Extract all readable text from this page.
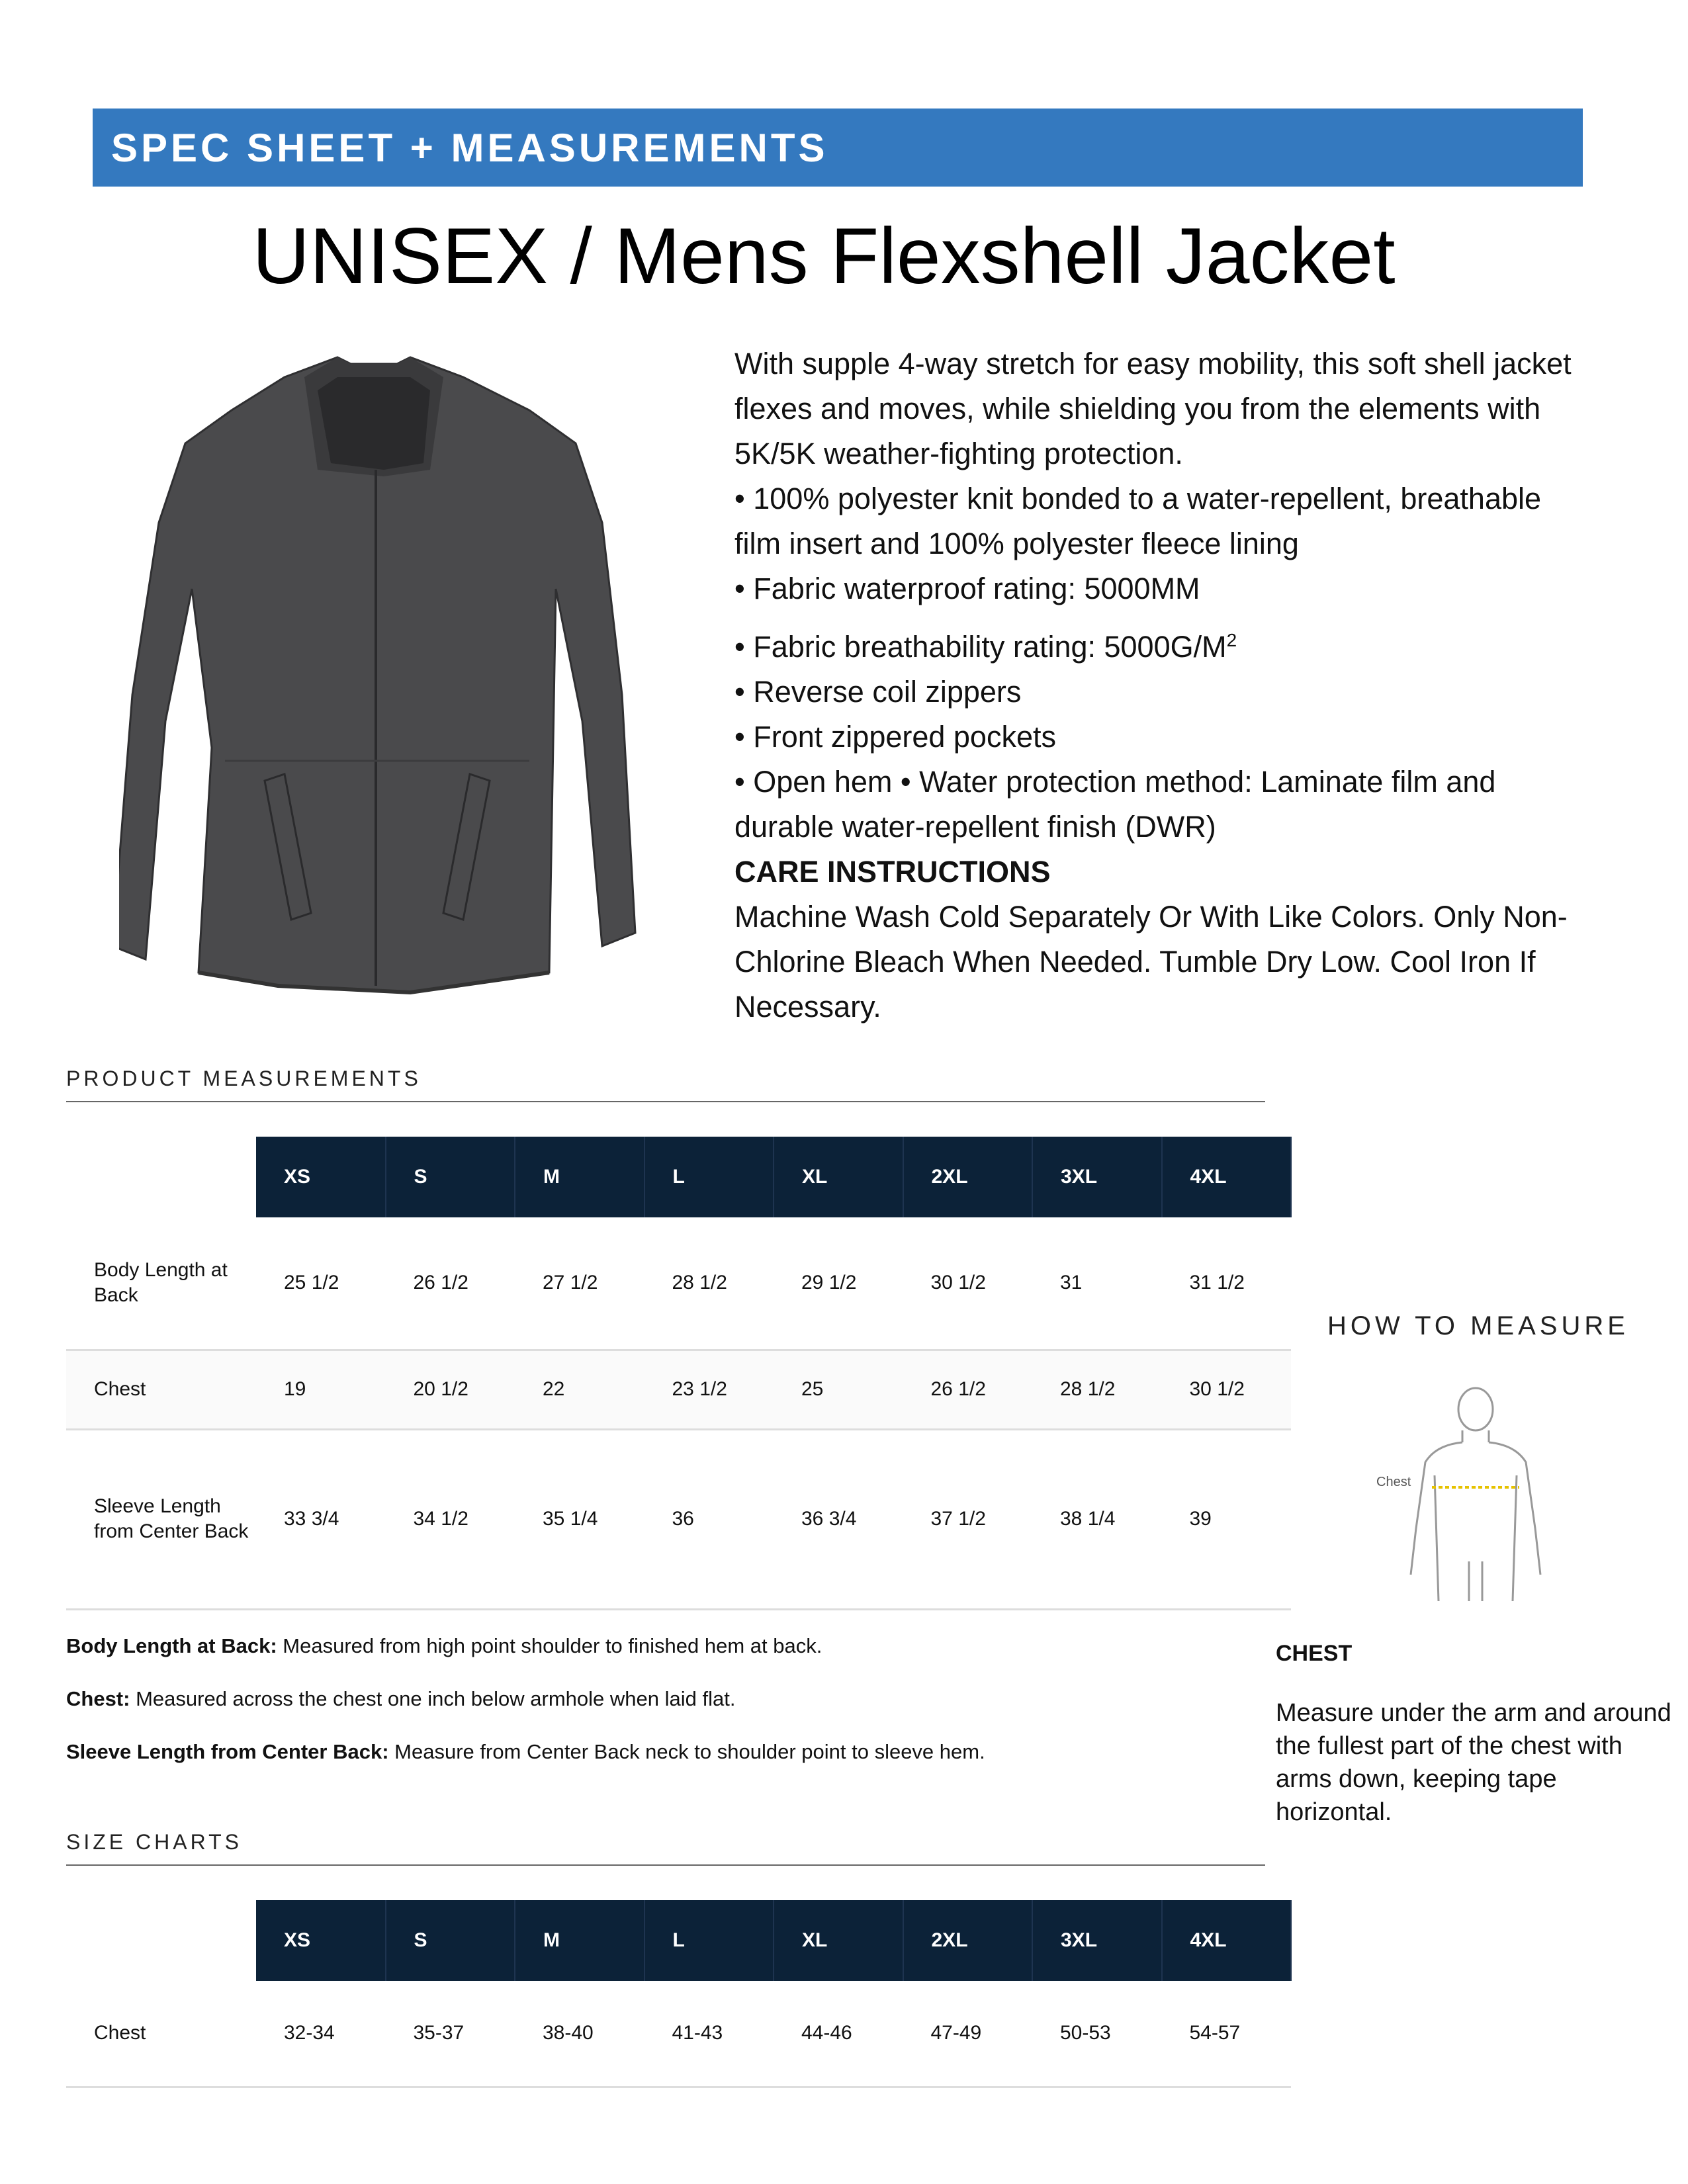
SPEC SHEET + MEASUREMENTS
UNISEX / Mens Flexshell Jacket

With supple 4-way stretch for easy mobility, this soft shell jacket flexes and moves, while shielding you from the elements with 5K/5K weather-fighting protection.

• 100% polyester knit bonded to a water-repellent, breathable film insert and 100% polyester fleece lining

• Fabric waterproof rating: 5000MM

• Fabric breathability rating: $5000G/M^2$

• Reverse coil zippers

• Front zippered pockets

• Open hem • Water protection method: Laminate film and durable water-repellent finish (DWR)

CARE INSTRUCTIONS

Machine Wash Cold Separately Or With Like Colors. Only Non-Chlorine Bleach When Needed. Tumble Dry Low. Cool Iron If Necessary.

PRODUCT MEASUREMENTS
	XS	S	M	L	XL	2XL	3XL	4XL
Body Length at Back	25 1/2	26 1/2	27 1/2	28 1/2	29 1/2	30 1/2	31	31 1/2
Chest	19	20 1/2	22	23 1/2	25	26 1/2	28 1/2	30 1/2
Sleeve Length from Center Back	33 3/4	34 1/2	35 1/4	36	36 3/4	37 1/2	38 1/4	39

Body Length at Back: Measured from high point shoulder to finished hem at back.

Chest: Measured across the chest one inch below armhole when laid flat.

Sleeve Length from Center Back: Measure from Center Back neck to shoulder point to sleeve hem.

SIZE CHARTS
	XS	S	M	L	XL	2XL	3XL	4XL
Chest	32-34	35-37	38-40	41-43	44-46	47-49	50-53	54-57
HOW TO MEASURE
Chest
CHEST
Measure under the arm and around the fullest part of the chest with arms down, keeping tape horizontal.
